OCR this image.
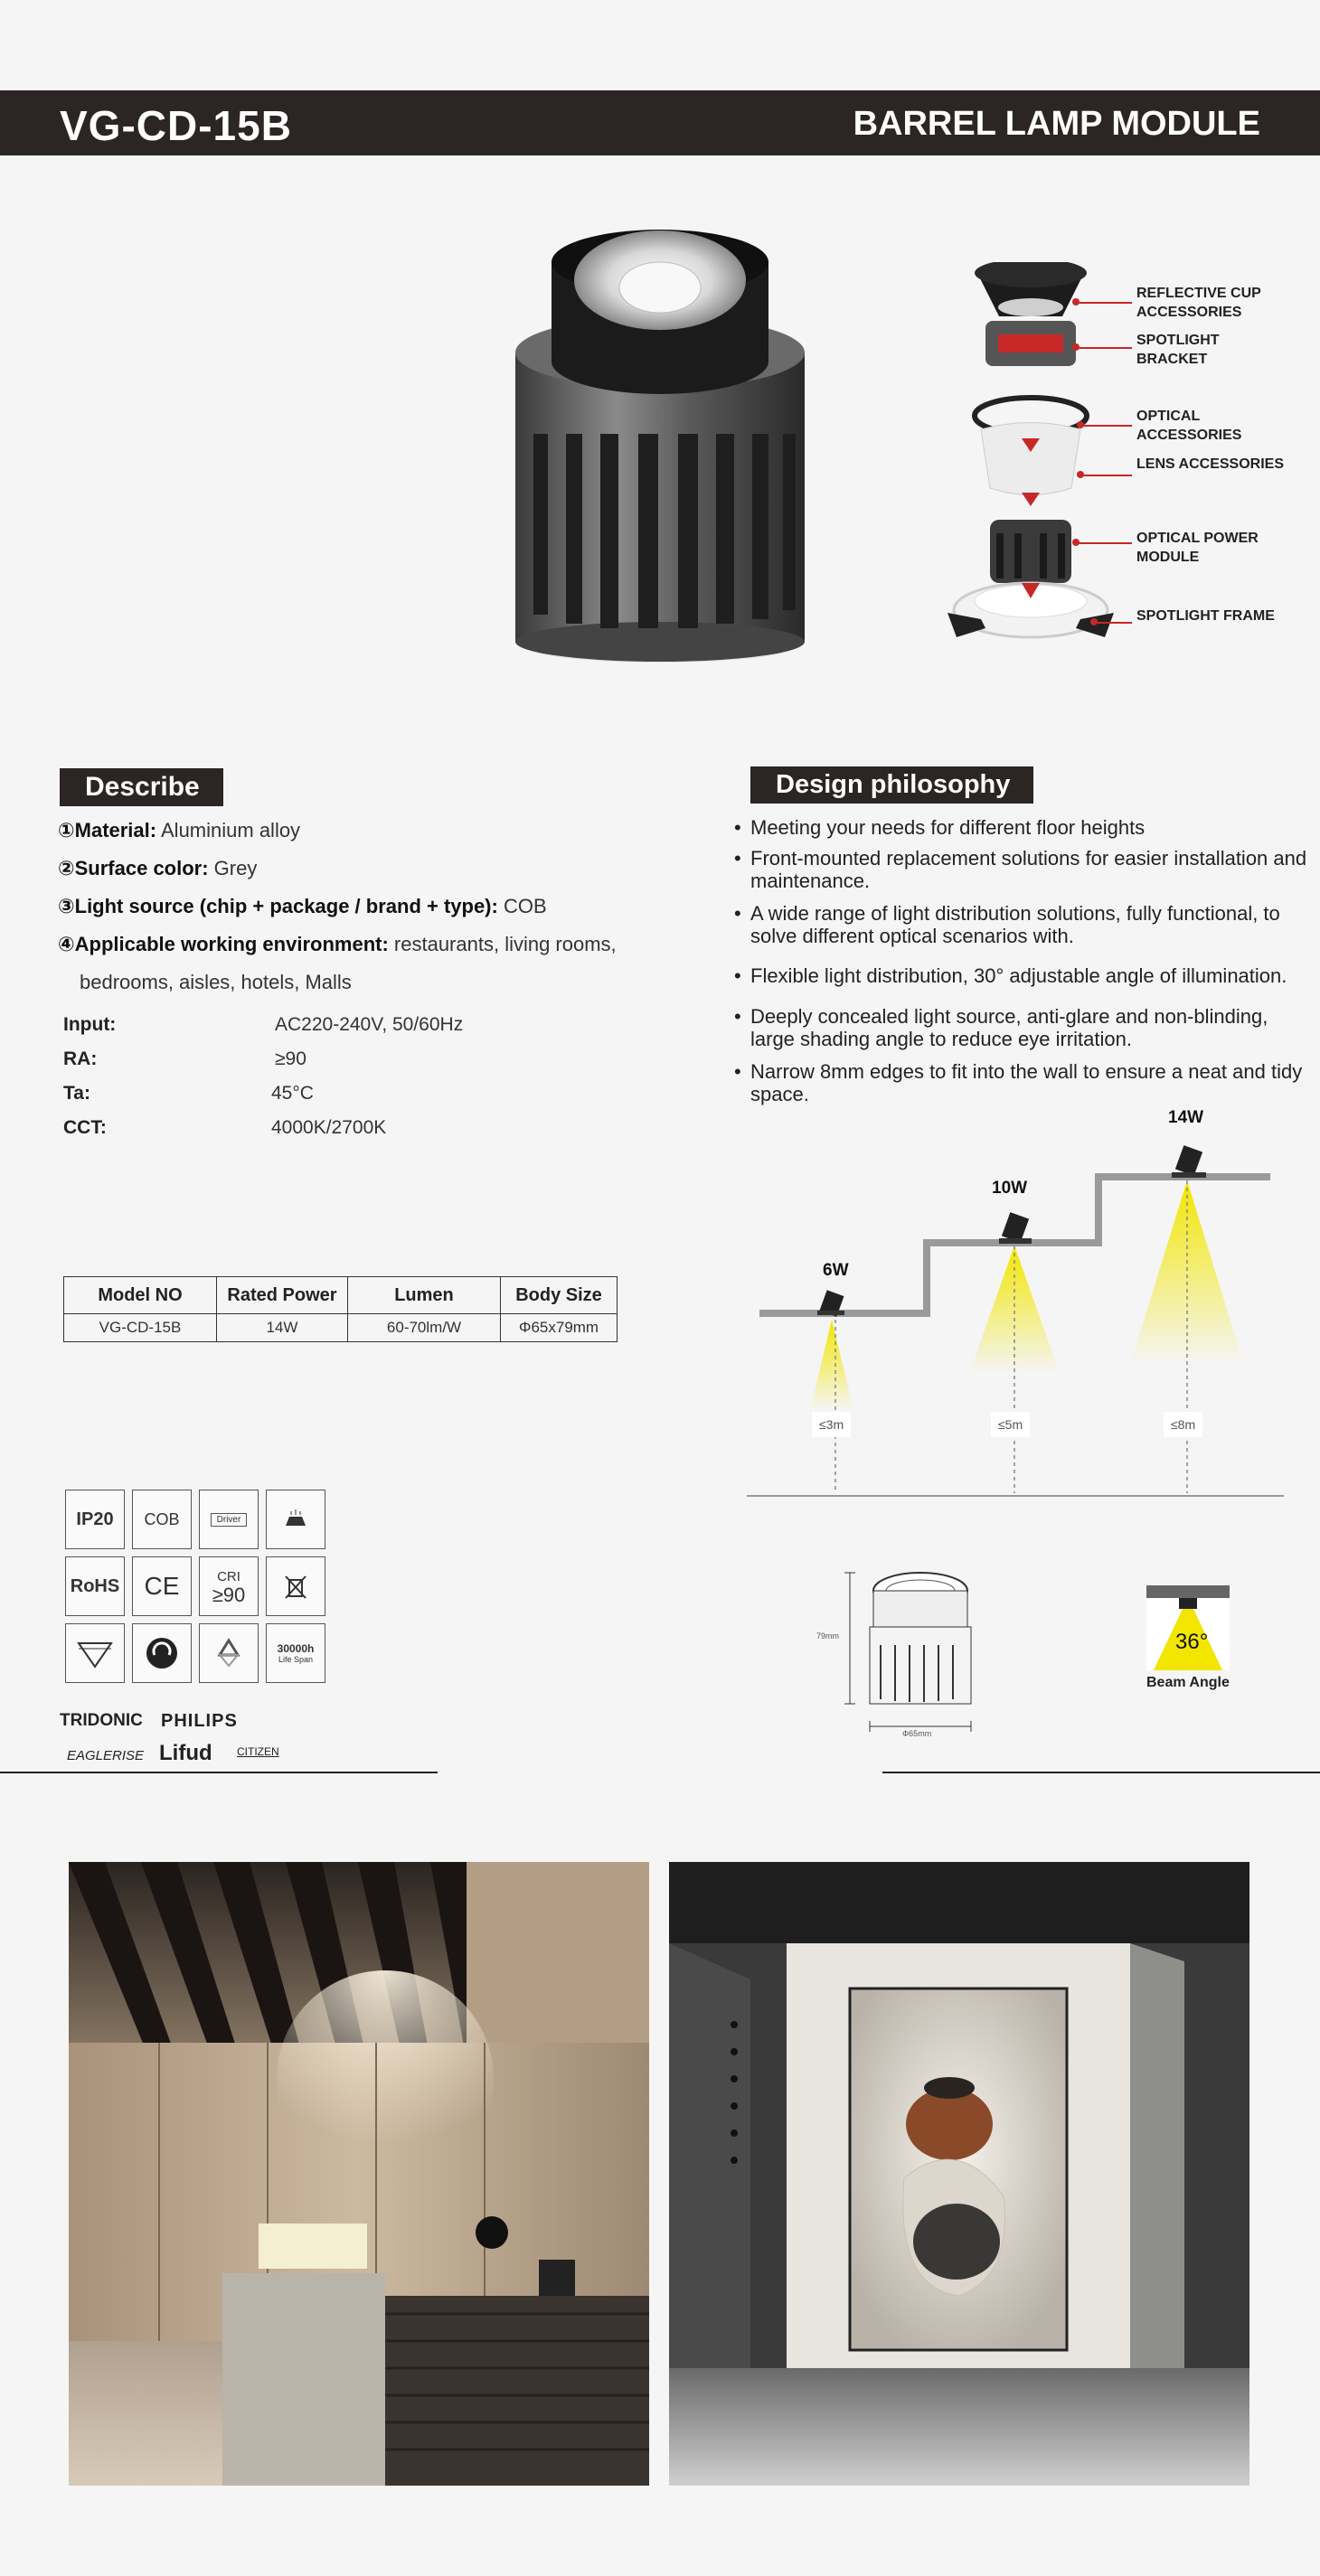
VG-CD-15B	BARREL LAMP MODULE
REFLECTIVE CUP ACCESSORIES
SPOTLIGHT BRACKET
OPTICAL ACCESSORIES
LENS ACCESSORIES
OPTICAL POWER MODULE
SPOTLIGHT FRAME
Describe
①Material: Aluminium alloy
②Surface color: Grey
③Light source (chip + package / brand + type): COB
④Applicable working environment: restaurants, living rooms,
bedrooms, aisles, hotels, Malls
Input:	AC220-240V, 50/60Hz
RA:	≥90
Ta:	45°C
CCT:	4000K/2700K
Model NO	Rated Power	Lumen	Body Size
VG-CD-15B	14W	60-70lm/W	Φ65x79mm
Design philosophy
• Meeting your needs for different floor heights
• Front-mounted replacement solutions for easier installation and maintenance.
• A wide range of light distribution solutions, fully functional, to solve different optical scenarios with.
• Flexible light distribution, 30° adjustable angle of illumination.
• Deeply concealed light source, anti-glare and non-blinding, large shading angle to reduce eye irritation.
• Narrow 8mm edges to fit into the wall to ensure a neat and tidy space.
6W
10W
14W
≤3m	≤5m	≤8m
IP20	COB	Driver
RoHS CE	CRI
≥90
30000h
Life Span
TRIDONIC PHILIPS
EAGLERISE Lifud CITIZEN
79mm
Φ65mm
36°
Beam Angle
